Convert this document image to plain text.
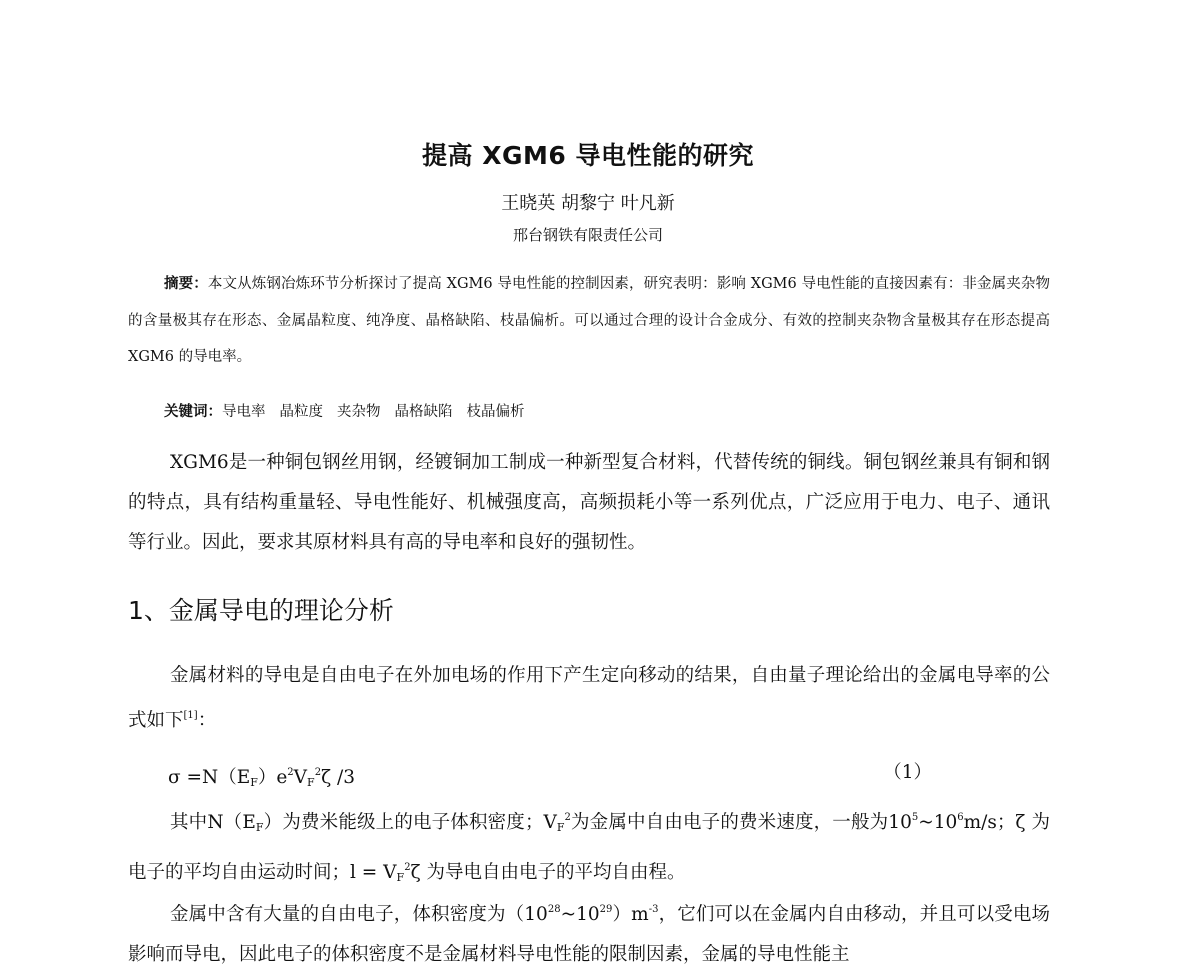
提高 XGM6 导电性能的研究
王晓英 胡黎宁 叶凡新
邢台钢铁有限责任公司
摘要：本文从炼钢冶炼环节分析探讨了提高 XGM6 导电性能的控制因素，研究表明：影响 XGM6 导电性能的直接因素有：非金属夹杂物的含量极其存在形态、金属晶粒度、纯净度、晶格缺陷、枝晶偏析。可以通过合理的设计合金成分、有效的控制夹杂物含量极其存在形态提高 XGM6 的导电率。
关键词：导电率 晶粒度 夹杂物 晶格缺陷 枝晶偏析
XGM6是一种铜包钢丝用钢，经镀铜加工制成一种新型复合材料，代替传统的铜线。铜包钢丝兼具有铜和钢的特点，具有结构重量轻、导电性能好、机械强度高，高频损耗小等一系列优点，广泛应用于电力、电子、通讯等行业。因此，要求其原材料具有高的导电率和良好的强韧性。
1、金属导电的理论分析
金属材料的导电是自由电子在外加电场的作用下产生定向移动的结果，自由量子理论给出的金属电导率的公式如下[1]：
$\sigma =N(E_F)e^2V_F^2\zeta$ /3	（1）
其中$N(E_F)$为费米能级上的电子体积密度；$V_F^2$为金属中自由电子的费米速度，一般为$10^5\sim 10^6m/s$；ζ 为电子的平均自由运动时间；$l = V_F^2\zeta$ 为导电自由电子的平均自由程。
金属中含有大量的自由电子，体积密度为$(10^{28}\sim 10^{29})m^{-3}$，它们可以在金属内自由移动，并且可以受电场影响而导电，因此电子的体积密度不是金属材料导电性能的限制因素，金属的导电性能主
